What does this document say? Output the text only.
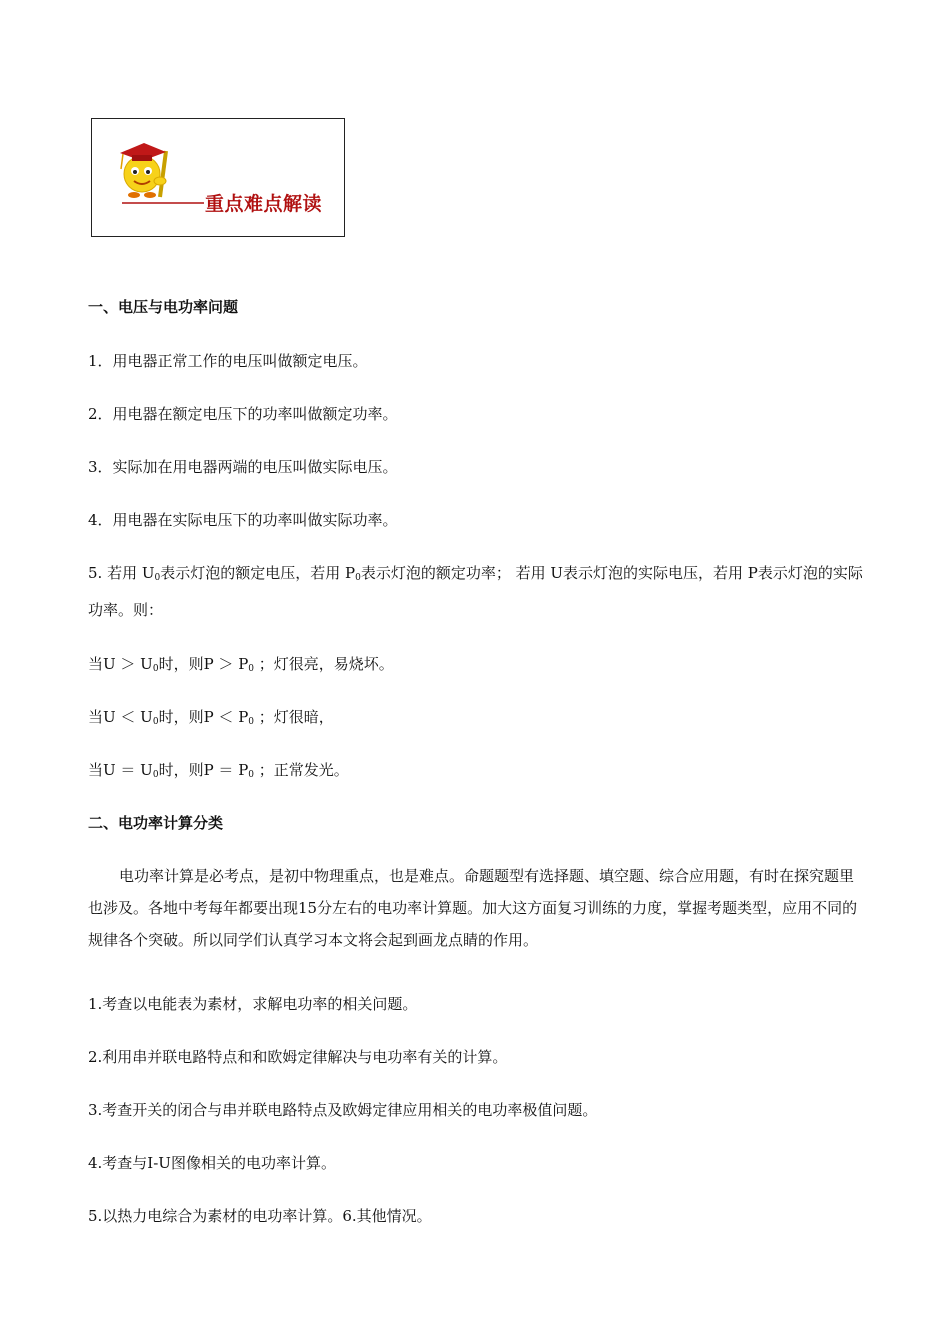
重点难点解读
一、电压与电功率问题
1．用电器正常工作的电压叫做额定电压。
2．用电器在额定电压下的功率叫做额定功率。
3．实际加在用电器两端的电压叫做实际电压。
4．用电器在实际电压下的功率叫做实际功率。
5. 若用 $U_0$表示灯泡的额定电压，若用 $P_0$表示灯泡的额定功率； 若用 U表示灯泡的实际电压，若用 P表示灯泡的实际功率。则：
当$U > U_0$时，则$P > P_0$ ；灯很亮，易烧坏。
当$U < U_0$时，则$P < P_0$ ；灯很暗，
当$U = U_0$时，则$P = P_0$ ；正常发光。
二、电功率计算分类
电功率计算是必考点，是初中物理重点，也是难点。命题题型有选择题、填空题、综合应用题，有时在探究题里也涉及。各地中考每年都要出现15分左右的电功率计算题。加大这方面复习训练的力度，掌握考题类型，应用不同的规律各个突破。所以同学们认真学习本文将会起到画龙点睛的作用。
1.考查以电能表为素材，求解电功率的相关问题。
2.利用串并联电路特点和和欧姆定律解决与电功率有关的计算。
3.考查开关的闭合与串并联电路特点及欧姆定律应用相关的电功率极值问题。
4.考查与I-U图像相关的电功率计算。
5.以热力电综合为素材的电功率计算。6.其他情况。
